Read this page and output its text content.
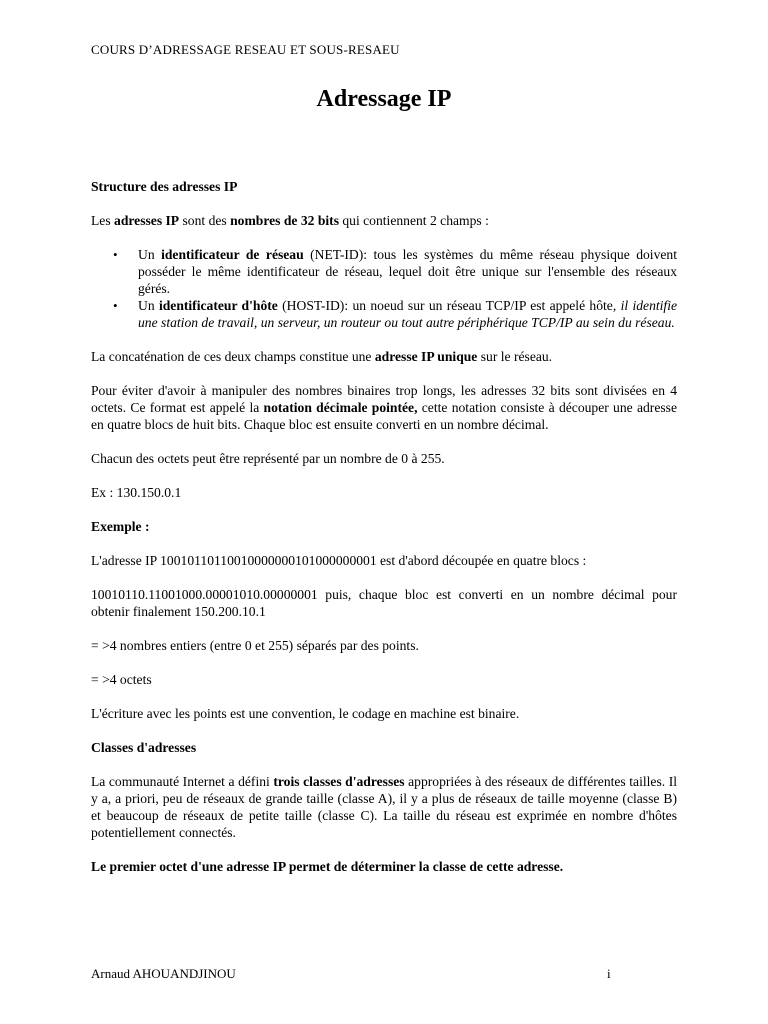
COURS D’ADRESSAGE RESEAU ET SOUS-RESAEU
Adressage IP

Structure des adresses IP

Les adresses IP sont des nombres de 32 bits qui contiennent 2 champs :

• Un identificateur de réseau (NET-ID): tous les systèmes du même réseau physique doivent posséder le même identificateur de réseau, lequel doit être unique sur l'ensemble des réseaux gérés.
• Un identificateur d'hôte (HOST-ID): un noeud sur un réseau TCP/IP est appelé hôte, il identifie une station de travail, un serveur, un routeur ou tout autre périphérique TCP/IP au sein du réseau.

La concaténation de ces deux champs constitue une adresse IP unique sur le réseau.

Pour éviter d'avoir à manipuler des nombres binaires trop longs, les adresses 32 bits sont divisées en 4 octets. Ce format est appelé la notation décimale pointée, cette notation consiste à découper une adresse en quatre blocs de huit bits. Chaque bloc est ensuite converti en un nombre décimal.

Chacun des octets peut être représenté par un nombre de 0 à 255.

Ex : 130.150.0.1

Exemple :

L'adresse IP 10010110110010000000101000000001 est d'abord découpée en quatre blocs :

10010110.11001000.00001010.00000001 puis, chaque bloc est converti en un nombre décimal pour obtenir finalement 150.200.10.1

= >4 nombres entiers (entre 0 et 255) séparés par des points.

= >4 octets

L'écriture avec les points est une convention, le codage en machine est binaire.

Classes d'adresses

La communauté Internet a défini trois classes d'adresses appropriées à des réseaux de différentes tailles. Il y a, a priori, peu de réseaux de grande taille (classe A), il y a plus de réseaux de taille moyenne (classe B) et beaucoup de réseaux de petite taille (classe C). La taille du réseau est exprimée en nombre d'hôtes potentiellement connectés.

Le premier octet d'une adresse IP permet de déterminer la classe de cette adresse.

Arnaud AHOUANDJINOU	i
